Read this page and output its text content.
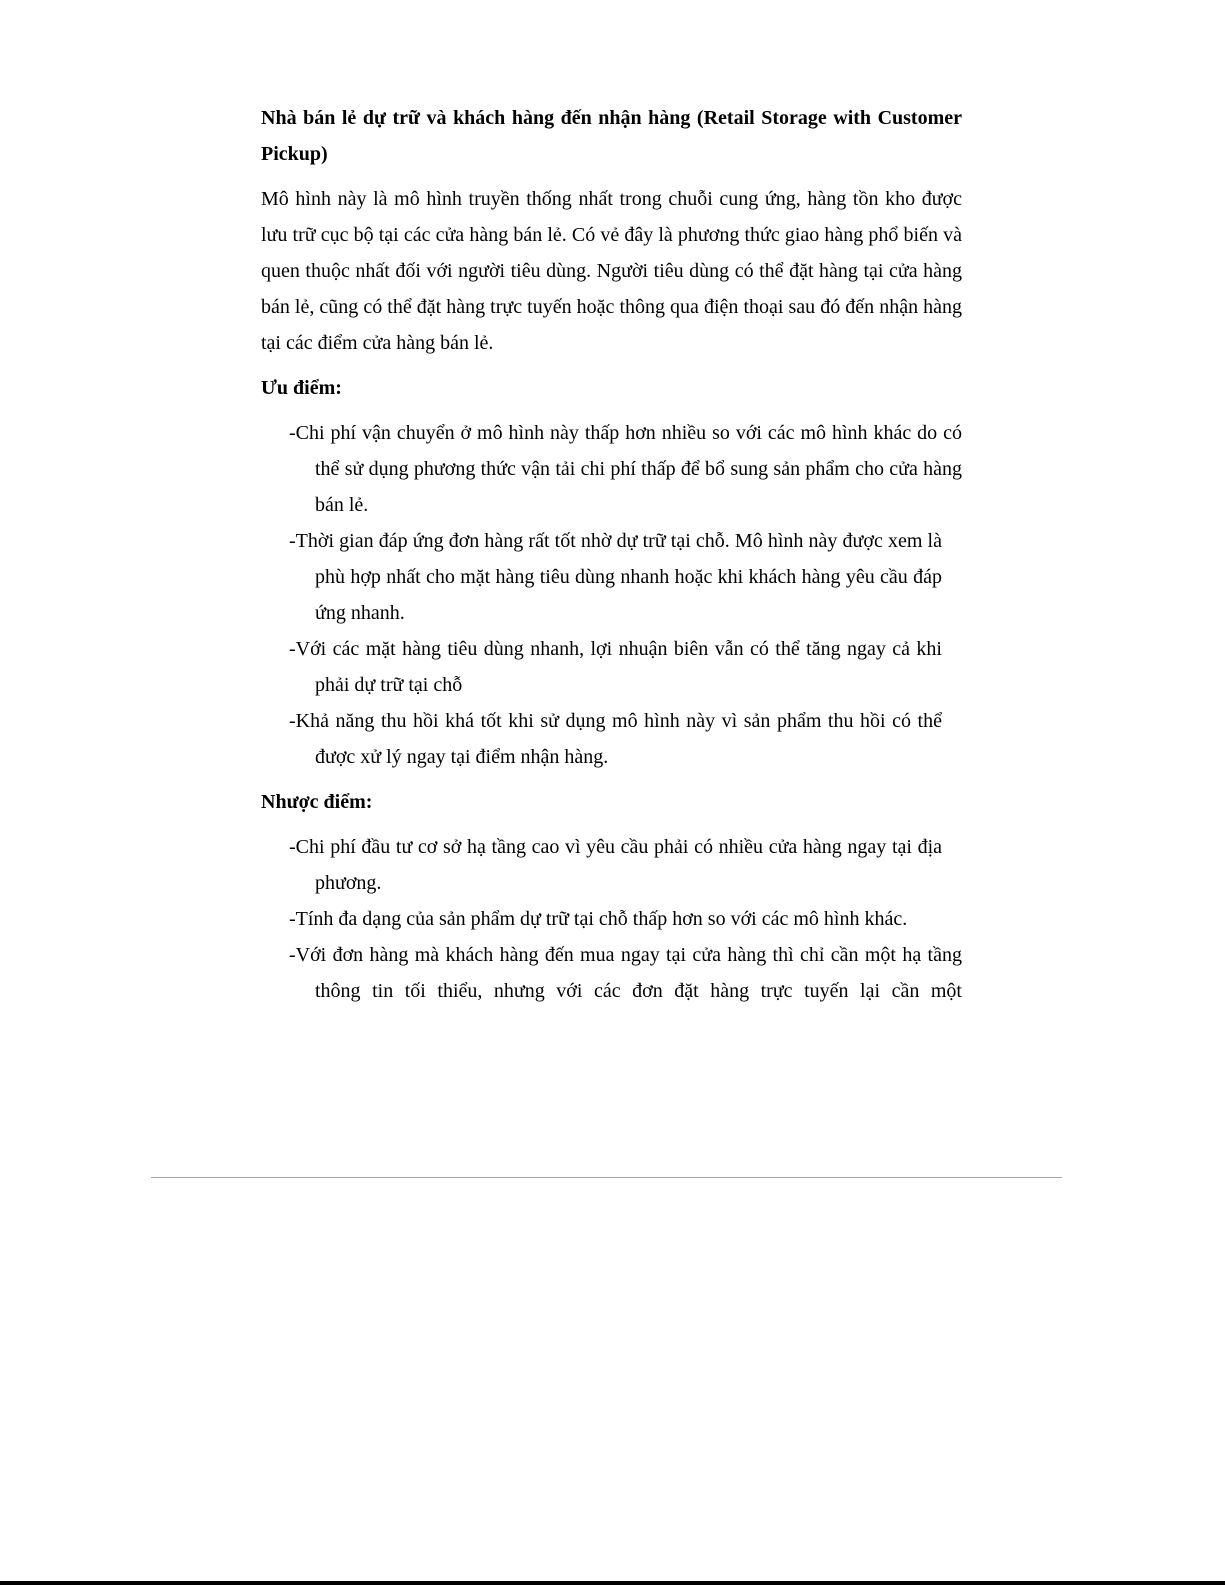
Nhà bán lẻ dự trữ và khách hàng đến nhận hàng (Retail Storage with Customer Pickup)

Mô hình này là mô hình truyền thống nhất trong chuỗi cung ứng, hàng tồn kho được lưu trữ cục bộ tại các cửa hàng bán lẻ. Có vẻ đây là phương thức giao hàng phổ biến và quen thuộc nhất đối với người tiêu dùng. Người tiêu dùng có thể đặt hàng tại cửa hàng bán lẻ, cũng có thể đặt hàng trực tuyến hoặc thông qua điện thoại sau đó đến nhận hàng tại các điểm cửa hàng bán lẻ.

Ưu điểm:

-Chi phí vận chuyển ở mô hình này thấp hơn nhiều so với các mô hình khác do có thể sử dụng phương thức vận tải chi phí thấp để bổ sung sản phẩm cho cửa hàng bán lẻ.
-Thời gian đáp ứng đơn hàng rất tốt nhờ dự trữ tại chỗ. Mô hình này được xem là phù hợp nhất cho mặt hàng tiêu dùng nhanh hoặc khi khách hàng yêu cầu đáp ứng nhanh.
-Với các mặt hàng tiêu dùng nhanh, lợi nhuận biên vẫn có thể tăng ngay cả khi phải dự trữ tại chỗ
-Khả năng thu hồi khá tốt khi sử dụng mô hình này vì sản phẩm thu hồi có thể được xử lý ngay tại điểm nhận hàng.

Nhược điểm:

-Chi phí đầu tư cơ sở hạ tầng cao vì yêu cầu phải có nhiều cửa hàng ngay tại địa phương.
-Tính đa dạng của sản phẩm dự trữ tại chỗ thấp hơn so với các mô hình khác.
-Với đơn hàng mà khách hàng đến mua ngay tại cửa hàng thì chỉ cần một hạ tầng thông tin tối thiểu, nhưng với các đơn đặt hàng trực tuyến lại cần một
